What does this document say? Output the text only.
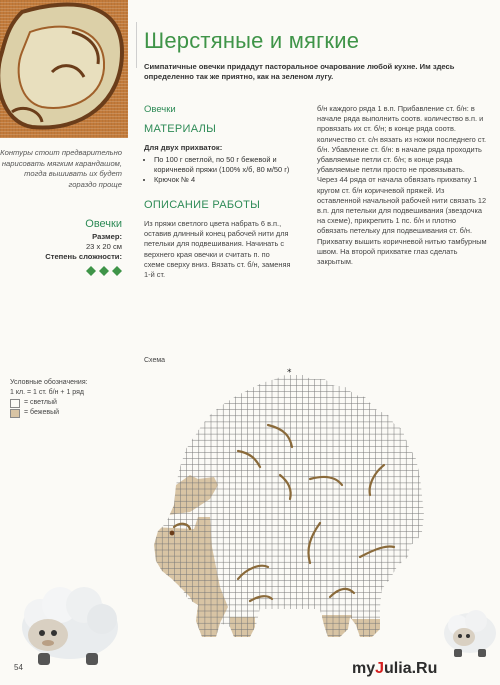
Контуры стоит предварительно нарисовать мягким карандашом, тогда вышивать их будет гораздо проще
Овечки
Размер:
23 х 20 см
Степень сложности:
Условные обозначения:
1 кл. = 1 ст. б/н + 1 ряд
= светлый
= бежевый
Шерстяные и мягкие
Симпатичные овечки придадут пасторальное очарование любой кухне. Им здесь определенно так же приятно, как на зеленом лугу.
Овечки
МАТЕРИАЛЫ
Для двух прихваток:
• По 100 г светлой, по 50 г бежевой и коричневой пряжи (100% х/б, 80 м/50 г)
• Крючок № 4
ОПИСАНИЕ РАБОТЫ
Из пряжи светлого цвета набрать 6 в.п., оставив длинный конец рабочей нити для петельки для подвешивания. Начинать с верхнего края овечки и считать п. по схеме сверху вниз. Вязать ст. б/н, заменяя 1-й ст.
б/н каждого ряда 1 в.п. Прибавление ст. б/н: в начале ряда выполнить соотв. количество в.п. и провязать их ст. б/н; в конце ряда соотв. количество ст. с/н вязать из ножки последнего ст. б/н. Убавление ст. б/н: в начале ряда проходить убавляемые петли ст. б/н; в конце ряда убавляемые петли просто не провязывать. Через 44 ряда от начала обвязать прихватку 1 кругом ст. б/н коричневой пряжей. Из оставленной начальной рабочей нити связать 12 в.п. для петельки для подвешивания (звездочка на схеме), прикрепить 1 пс. б/н и плотно обвязать петельку для подвешивания ст. б/н. Прихватку вышить коричневой нитью тамбурным швом. На второй прихватке глаз сделать закрытым.
Схема
*
54	myJulia.Ru
